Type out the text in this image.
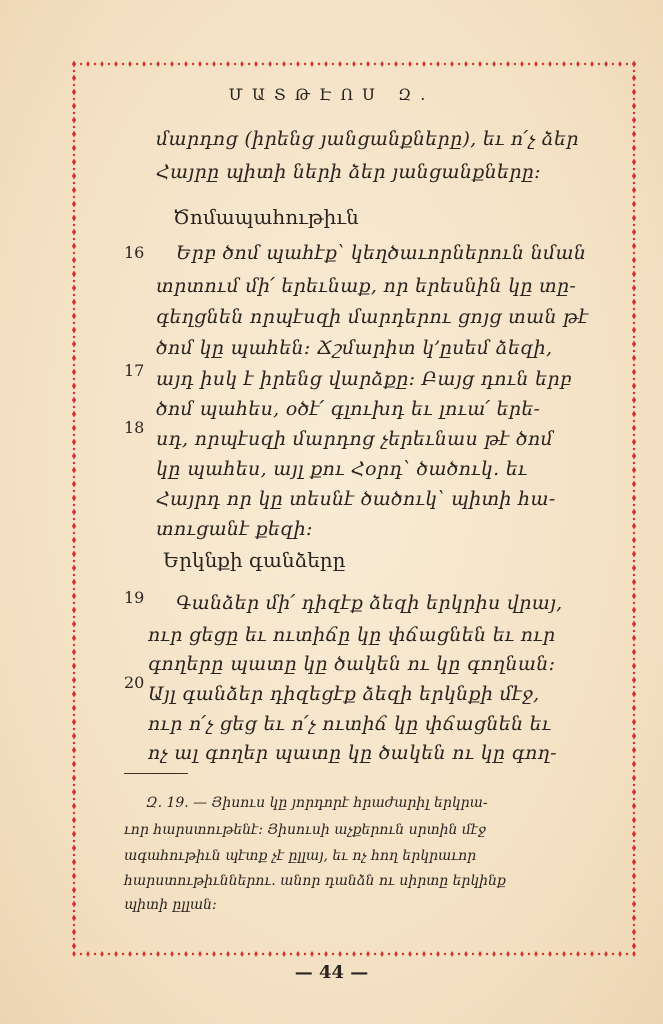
ՄԱՏԹԷՈՍ Զ.
մարդոց (իրենց յանցանքները), եւ ո՛չ ձեր
Հայրը պիտի ների ձեր յանցանքները:
Ծոմապահութիւն
16 Երբ ծոմ պահէք՝ կեղծաւորներուն նման
տրտում մի՛ երեւնաք, որ երեսնին կը տը-
գեղցնեն որպէսզի մարդերու ցոյց տան թէ
ծոմ կը պահեն: Ճշմարիտ կ՚ըսեմ ձեզի,
17 այդ իսկ է իրենց վարձքը: Բայց դուն երբ
ծոմ պահես, օծէ՛ գլուխդ եւ լուա՛ երե-
18
սդ, որպէսզի մարդոց չերեւնաս թէ ծոմ
կը պահես, այլ քու Հօրդ՝ ծածուկ. եւ
Հայրդ որ կը տեսնէ ծածուկ՝ պիտի հա-
տուցանէ քեզի:
Երկնքի գանձերը
19 Գանձեր մի՛ դիզէք ձեզի երկրիս վրայ,
ուր ցեցը եւ ուտիճը կը փճացնեն եւ ուր
գողերը պատը կը ծակեն ու կը գողնան:
20
Այլ գանձեր դիզեցէք ձեզի երկնքի մէջ,
ուր ո՛չ ցեց եւ ո՛չ ուտիճ կը փճացնեն եւ
ոչ ալ գողեր պատը կը ծակեն ու կը գող-
Զ. 19. — Յիսուս կը յորդորէ հրաժարիլ երկրա-
ւոր հարստութենէ: Յիսուսի աչքերուն սրտին մէջ
ագահութիւն պէտք չէ ըլլայ, եւ ոչ հող երկրաւոր
հարստութիւններու. անոր դանձն ու սիրտը երկինք
պիտի ըլլան:
— 44 —
